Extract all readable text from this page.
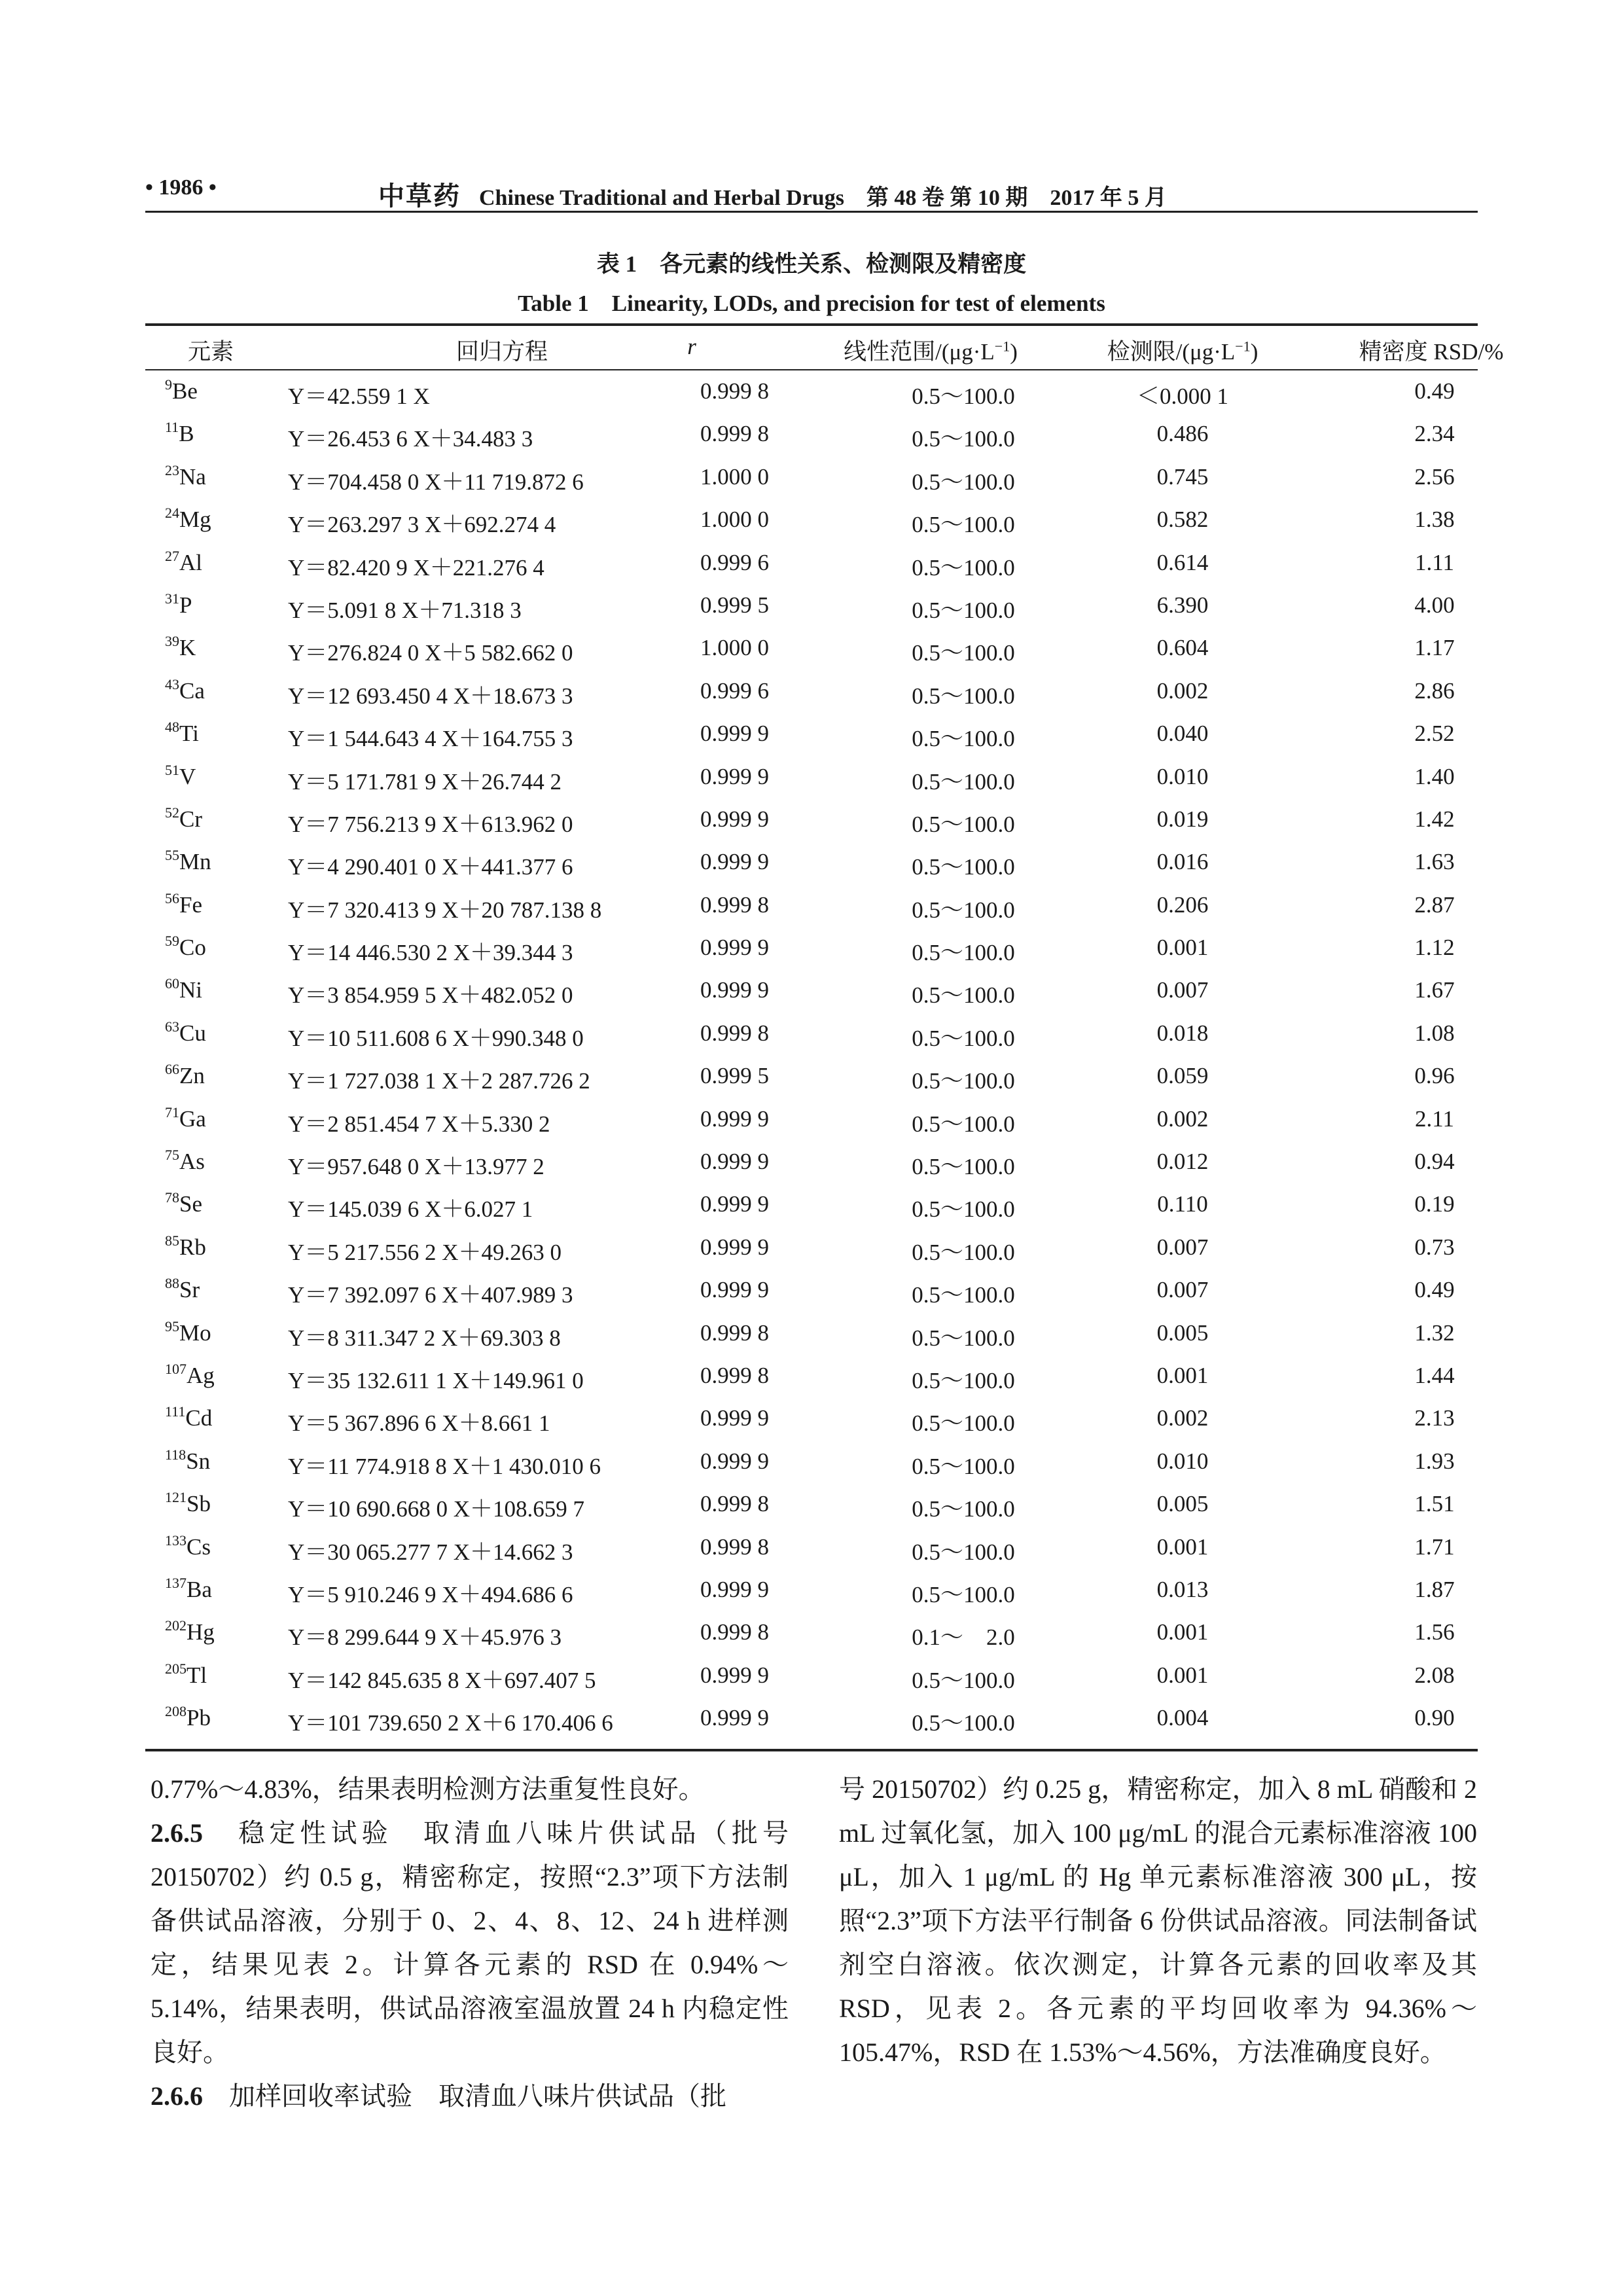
• 1986 •	中草药 Chinese Traditional and Herbal Drugs　第 48 卷 第 10 期　2017 年 5 月
表 1　各元素的线性关系、检测限及精密度
Table 1　Linearity, LODs, and precision for test of elements
元素	回归方程	r	线性范围$/(\mu g\cdot L^{-1})$	检测限$/(\mu g\cdot L^{-1})$	精密度 RSD/%
$^9$Be	Y＝42.559 1 X	0.999 8	0.5～100.0	＜0.000 1	0.49
$^{11}$B	Y＝26.453 6 X＋34.483 3	0.999 8	0.5～100.0	0.486	2.34
$^{23}$Na	Y＝704.458 0 X＋11 719.872 6	1.000 0	0.5～100.0	0.745	2.56
$^{24}$Mg	Y＝263.297 3 X＋692.274 4	1.000 0	0.5～100.0	0.582	1.38
$^{27}$Al	Y＝82.420 9 X＋221.276 4	0.999 6	0.5～100.0	0.614	1.11
$^{31}$P	Y＝5.091 8 X＋71.318 3	0.999 5	0.5～100.0	6.390	4.00
$^{39}$K	Y＝276.824 0 X＋5 582.662 0	1.000 0	0.5～100.0	0.604	1.17
$^{43}$Ca	Y＝12 693.450 4 X＋18.673 3	0.999 6	0.5～100.0	0.002	2.86
$^{48}$Ti	Y＝1 544.643 4 X＋164.755 3	0.999 9	0.5～100.0	0.040	2.52
$^{51}$V	Y＝5 171.781 9 X＋26.744 2	0.999 9	0.5～100.0	0.010	1.40
$^{52}$Cr	Y＝7 756.213 9 X＋613.962 0	0.999 9	0.5～100.0	0.019	1.42
$^{55}$Mn	Y＝4 290.401 0 X＋441.377 6	0.999 9	0.5～100.0	0.016	1.63
$^{56}$Fe	Y＝7 320.413 9 X＋20 787.138 8	0.999 8	0.5～100.0	0.206	2.87
$^{59}$Co	Y＝14 446.530 2 X＋39.344 3	0.999 9	0.5～100.0	0.001	1.12
$^{60}$Ni	Y＝3 854.959 5 X＋482.052 0	0.999 9	0.5～100.0	0.007	1.67
$^{63}$Cu	Y＝10 511.608 6 X＋990.348 0	0.999 8	0.5～100.0	0.018	1.08
$^{66}$Zn	Y＝1 727.038 1 X＋2 287.726 2	0.999 5	0.5～100.0	0.059	0.96
$^{71}$Ga	Y＝2 851.454 7 X＋5.330 2	0.999 9	0.5～100.0	0.002	2.11
$^{75}$As	Y＝957.648 0 X＋13.977 2	0.999 9	0.5～100.0	0.012	0.94
$^{78}$Se	Y＝145.039 6 X＋6.027 1	0.999 9	0.5～100.0	0.110	0.19
$^{85}$Rb	Y＝5 217.556 2 X＋49.263 0	0.999 9	0.5～100.0	0.007	0.73
$^{88}$Sr	Y＝7 392.097 6 X＋407.989 3	0.999 9	0.5～100.0	0.007	0.49
$^{95}$Mo	Y＝8 311.347 2 X＋69.303 8	0.999 8	0.5～100.0	0.005	1.32
$^{107}$Ag	Y＝35 132.611 1 X＋149.961 0	0.999 8	0.5～100.0	0.001	1.44
$^{111}$Cd	Y＝5 367.896 6 X＋8.661 1	0.999 9	0.5～100.0	0.002	2.13
$^{118}$Sn	Y＝11 774.918 8 X＋1 430.010 6	0.999 9	0.5～100.0	0.010	1.93
$^{121}$Sb	Y＝10 690.668 0 X＋108.659 7	0.999 8	0.5～100.0	0.005	1.51
$^{133}$Cs	Y＝30 065.277 7 X＋14.662 3	0.999 8	0.5～100.0	0.001	1.71
$^{137}$Ba	Y＝5 910.246 9 X＋494.686 6	0.999 9	0.5～100.0	0.013	1.87
$^{202}$Hg	Y＝8 299.644 9 X＋45.976 3	0.999 8	0.1～　2.0	0.001	1.56
$^{205}$Tl	Y＝142 845.635 8 X＋697.407 5	0.999 9	0.5～100.0	0.001	2.08
$^{208}$Pb	Y＝101 739.650 2 X＋6 170.406 6	0.999 9	0.5～100.0	0.004	0.90

0.77%～4.83%，结果表明检测方法重复性良好。

2.6.5　稳定性试验　取清血八味片供试品（批号 20150702）约 0.5 g，精密称定，按照“2.3”项下方法制备供试品溶液，分别于 0、2、4、8、12、24 h 进样测定，结果见表 2。计算各元素的 RSD 在 0.94%～5.14%，结果表明，供试品溶液室温放置 24 h 内稳定性良好。

2.6.6　加样回收率试验　取清血八味片供试品（批

号 20150702）约 0.25 g，精密称定，加入 8 mL 硝酸和 2 mL 过氧化氢，加入 100 μg/mL 的混合元素标准溶液 100 μL，加入 1 μg/mL 的 Hg 单元素标准溶液 300 μL，按照“2.3”项下方法平行制备 6 份供试品溶液。同法制备试剂空白溶液。依次测定，计算各元素的回收率及其 RSD，见表 2。各元素的平均回收率为 94.36%～105.47%，RSD 在 1.53%～4.56%，方法准确度良好。
